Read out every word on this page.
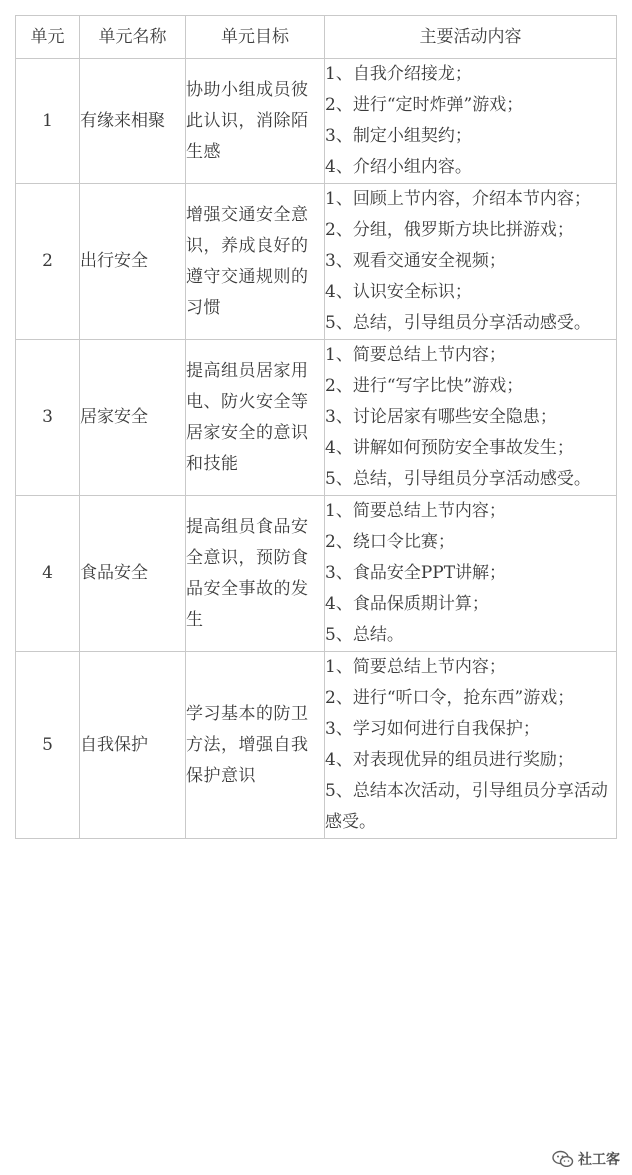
单元	单元名称	单元目标	主要活动内容
1	有缘来相聚	协助小组成员彼此认识，消除陌生感	1、自我介绍接龙；
2、进行“定时炸弹”游戏；
3、制定小组契约；
4、介绍小组内容。

2	出行安全	增强交通安全意识，养成良好的遵守交通规则的习惯	1、回顾上节内容，介绍本节内容；
2、分组，俄罗斯方块比拼游戏；
3、观看交通安全视频；
4、认识安全标识；
5、总结，引导组员分享活动感受。

3	居家安全	提高组员居家用电、防火安全等居家安全的意识和技能	1、简要总结上节内容；
2、进行“写字比快”游戏；
3、讨论居家有哪些安全隐患；
4、讲解如何预防安全事故发生；
5、总结，引导组员分享活动感受。

4	食品安全	提高组员食品安全意识，预防食品安全事故的发生	1、简要总结上节内容；
2、绕口令比赛；
3、食品安全PPT讲解；
4、食品保质期计算；
5、总结。

5	自我保护	学习基本的防卫方法，增强自我保护意识	1、简要总结上节内容；
2、进行“听口令，抢东西”游戏；
3、学习如何进行自我保护；
4、对表现优异的组员进行奖励；
5、总结本次活动，引导组员分享活动感受。
社工客
